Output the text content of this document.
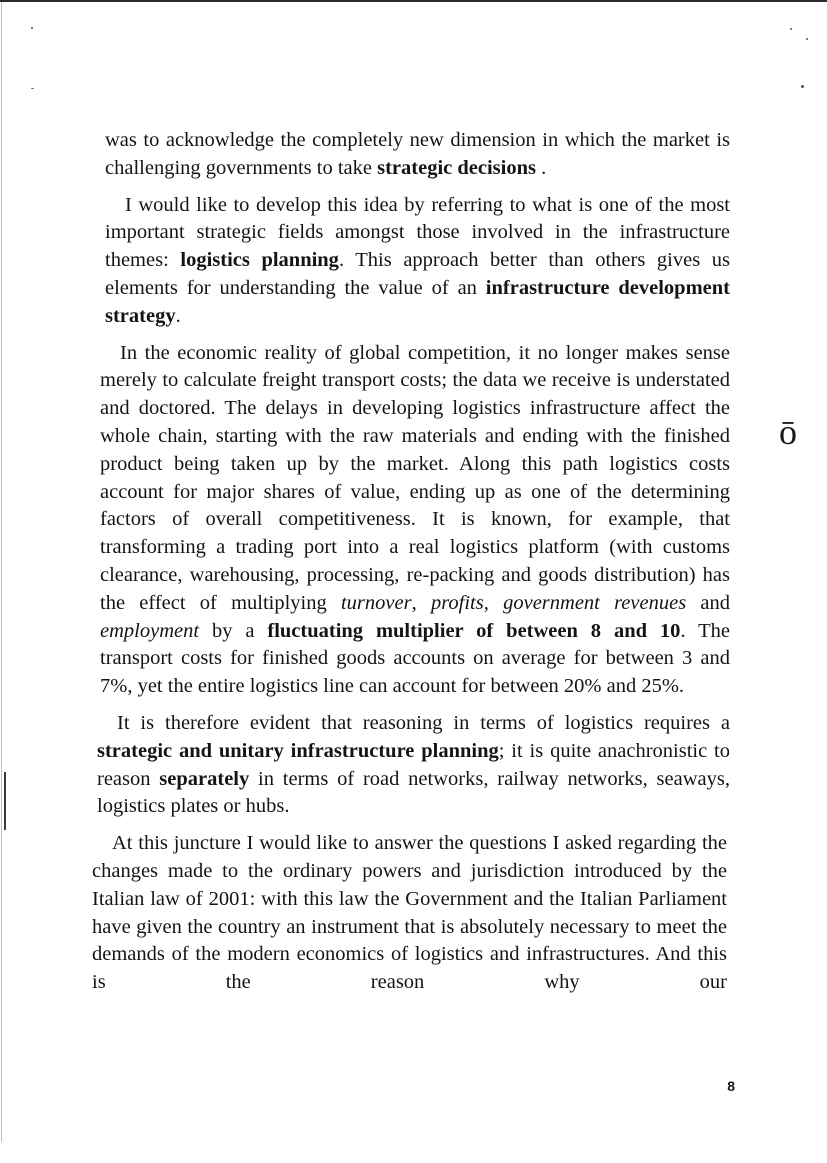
ō

was to acknowledge the completely new dimension in which the market is challenging governments to take strategic decisions .

I would like to develop this idea by referring to what is one of the most important strategic fields amongst those involved in the infrastructure themes: logistics planning. This approach better than others gives us elements for understanding the value of an infrastructure development strategy.

In the economic reality of global competition, it no longer makes sense merely to calculate freight transport costs; the data we receive is understated and doctored. The delays in developing logistics infrastructure affect the whole chain, starting with the raw materials and ending with the finished product being taken up by the market. Along this path logistics costs account for major shares of value, ending up as one of the determining factors of overall competitiveness. It is known, for example, that transforming a trading port into a real logistics platform (with customs clearance, warehousing, processing, re-packing and goods distribution) has the effect of multiplying turnover, profits, government revenues and employment by a fluctuating multiplier of between 8 and 10. The transport costs for finished goods accounts on average for between 3 and 7%, yet the entire logistics line can account for between 20% and 25%.

It is therefore evident that reasoning in terms of logistics requires a strategic and unitary infrastructure planning; it is quite anachronistic to reason separately in terms of road networks, railway networks, seaways, logistics plates or hubs.

At this juncture I would like to answer the questions I asked regarding the changes made to the ordinary powers and jurisdiction introduced by the Italian law of 2001: with this law the Government and the Italian Parliament have given the country an instrument that is absolutely necessary to meet the demands of the modern economics of logistics and infrastructures. And this is the reason why our

8
